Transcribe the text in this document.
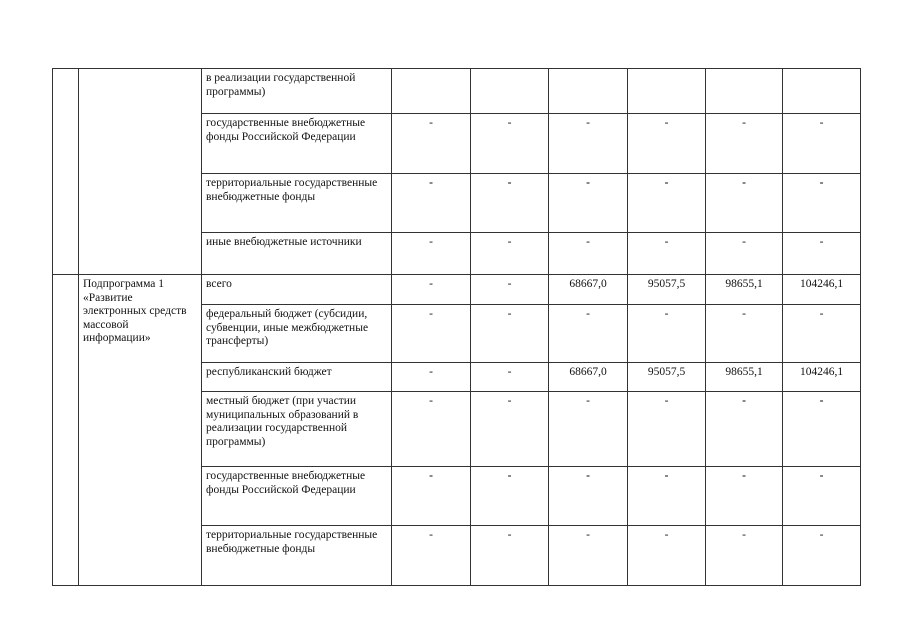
		в реализации государственной программы)						
		государственные внебюджетные фонды Российской Федерации	-	-	-	-	-	-
		территориальные государственные внебюджетные фонды	-	-	-	-	-	-
		иные внебюджетные источники	-	-	-	-	-	-
	Подпрограмма 1 «Развитие электронных средств массовой информации»	всего	-	-	68667,0	95057,5	98655,1	104246,1
		федеральный бюджет (субсидии, субвенции, иные межбюджетные трансферты)	-	-	-	-	-	-
		республиканский бюджет	-	-	68667,0	95057,5	98655,1	104246,1
		местный бюджет (при участии муниципальных образований в реализации государственной программы)	-	-	-	-	-	-
		государственные внебюджетные фонды Российской Федерации	-	-	-	-	-	-
		территориальные государственные внебюджетные фонды	-	-	-	-	-	-
